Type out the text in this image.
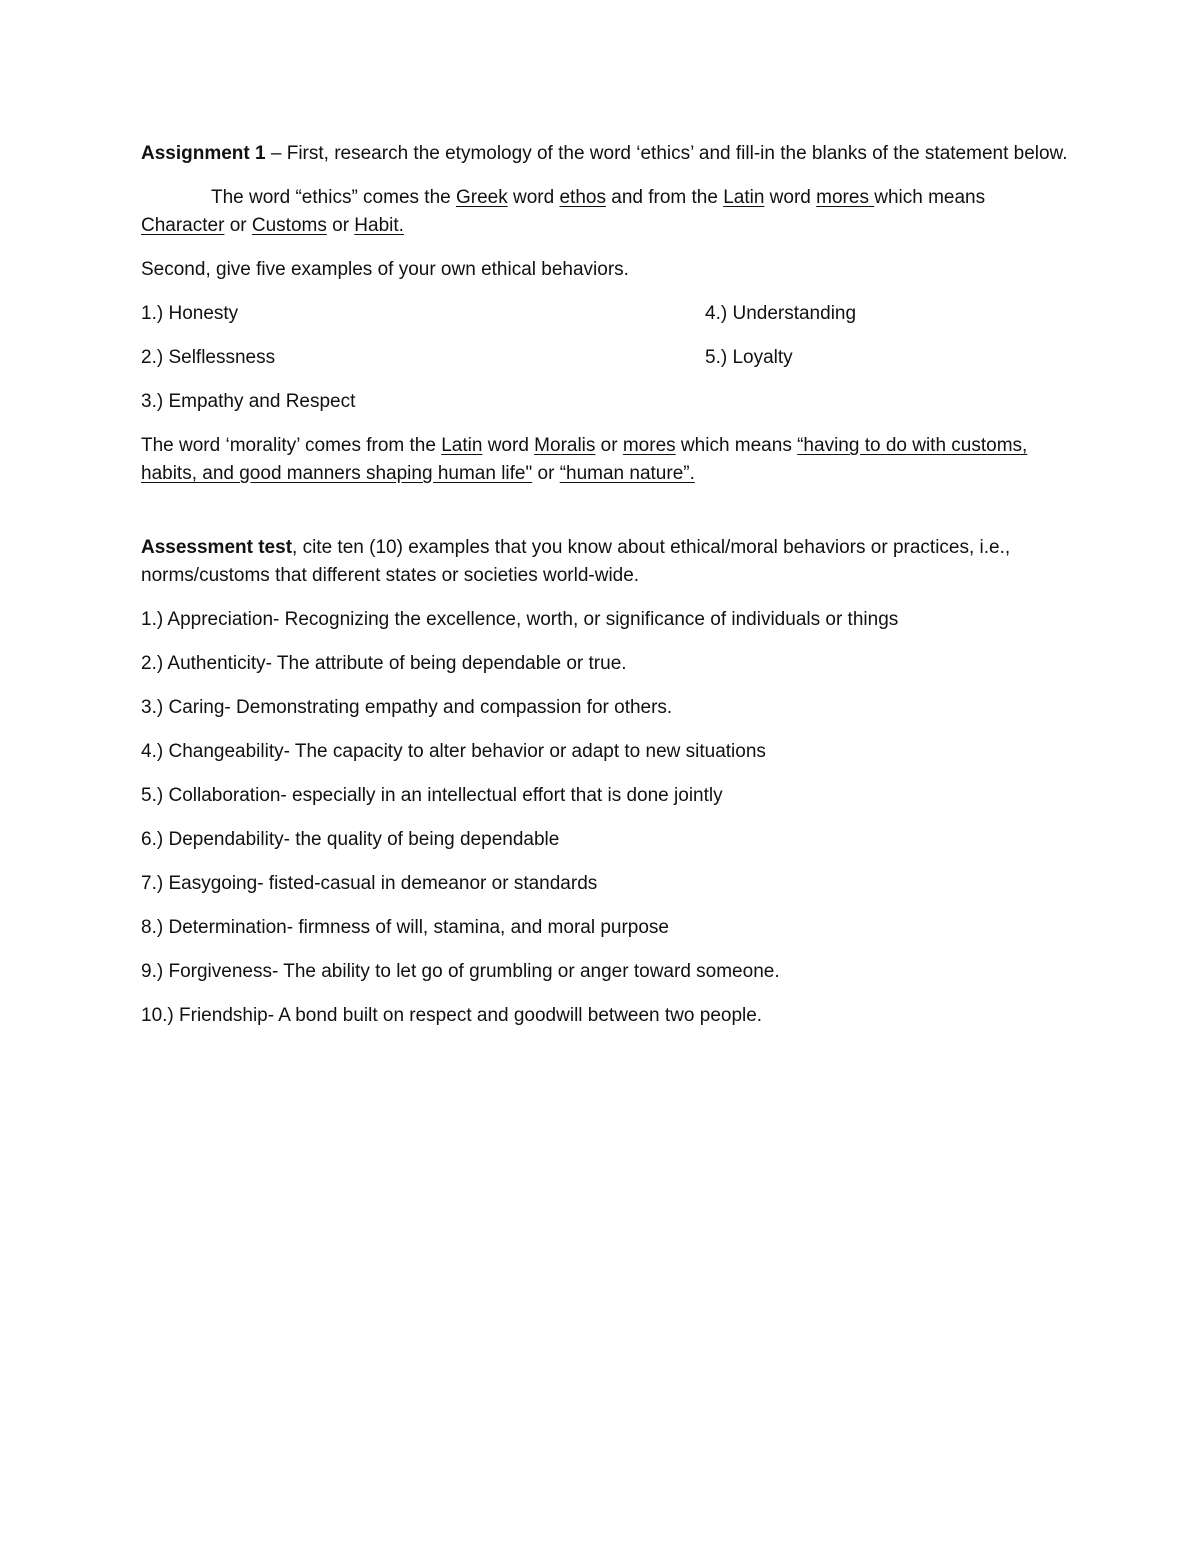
Assignment 1 – First, research the etymology of the word ‘ethics’ and fill-in the blanks of the statement below.

The word “ethics” comes the Greek word ethos and from the Latin word mores which means Character or Customs or Habit.

Second, give five examples of your own ethical behaviors.

1.) Honesty	4.) Understanding
2.) Selflessness	5.) Loyalty
3.) Empathy and Respect

The word ‘morality’ comes from the Latin word Moralis or mores which means “having to do with customs, habits, and good manners shaping human life" or “human nature”.

Assessment test, cite ten (10) examples that you know about ethical/moral behaviors or practices, i.e., norms/customs that different states or societies world-wide.

1.) Appreciation- Recognizing the excellence, worth, or significance of individuals or things

2.) Authenticity- The attribute of being dependable or true.

3.) Caring- Demonstrating empathy and compassion for others.

4.) Changeability- The capacity to alter behavior or adapt to new situations

5.) Collaboration- especially in an intellectual effort that is done jointly

6.) Dependability- the quality of being dependable

7.) Easygoing- fisted-casual in demeanor or standards

8.) Determination- firmness of will, stamina, and moral purpose

9.) Forgiveness- The ability to let go of grumbling or anger toward someone.

10.) Friendship- A bond built on respect and goodwill between two people.
